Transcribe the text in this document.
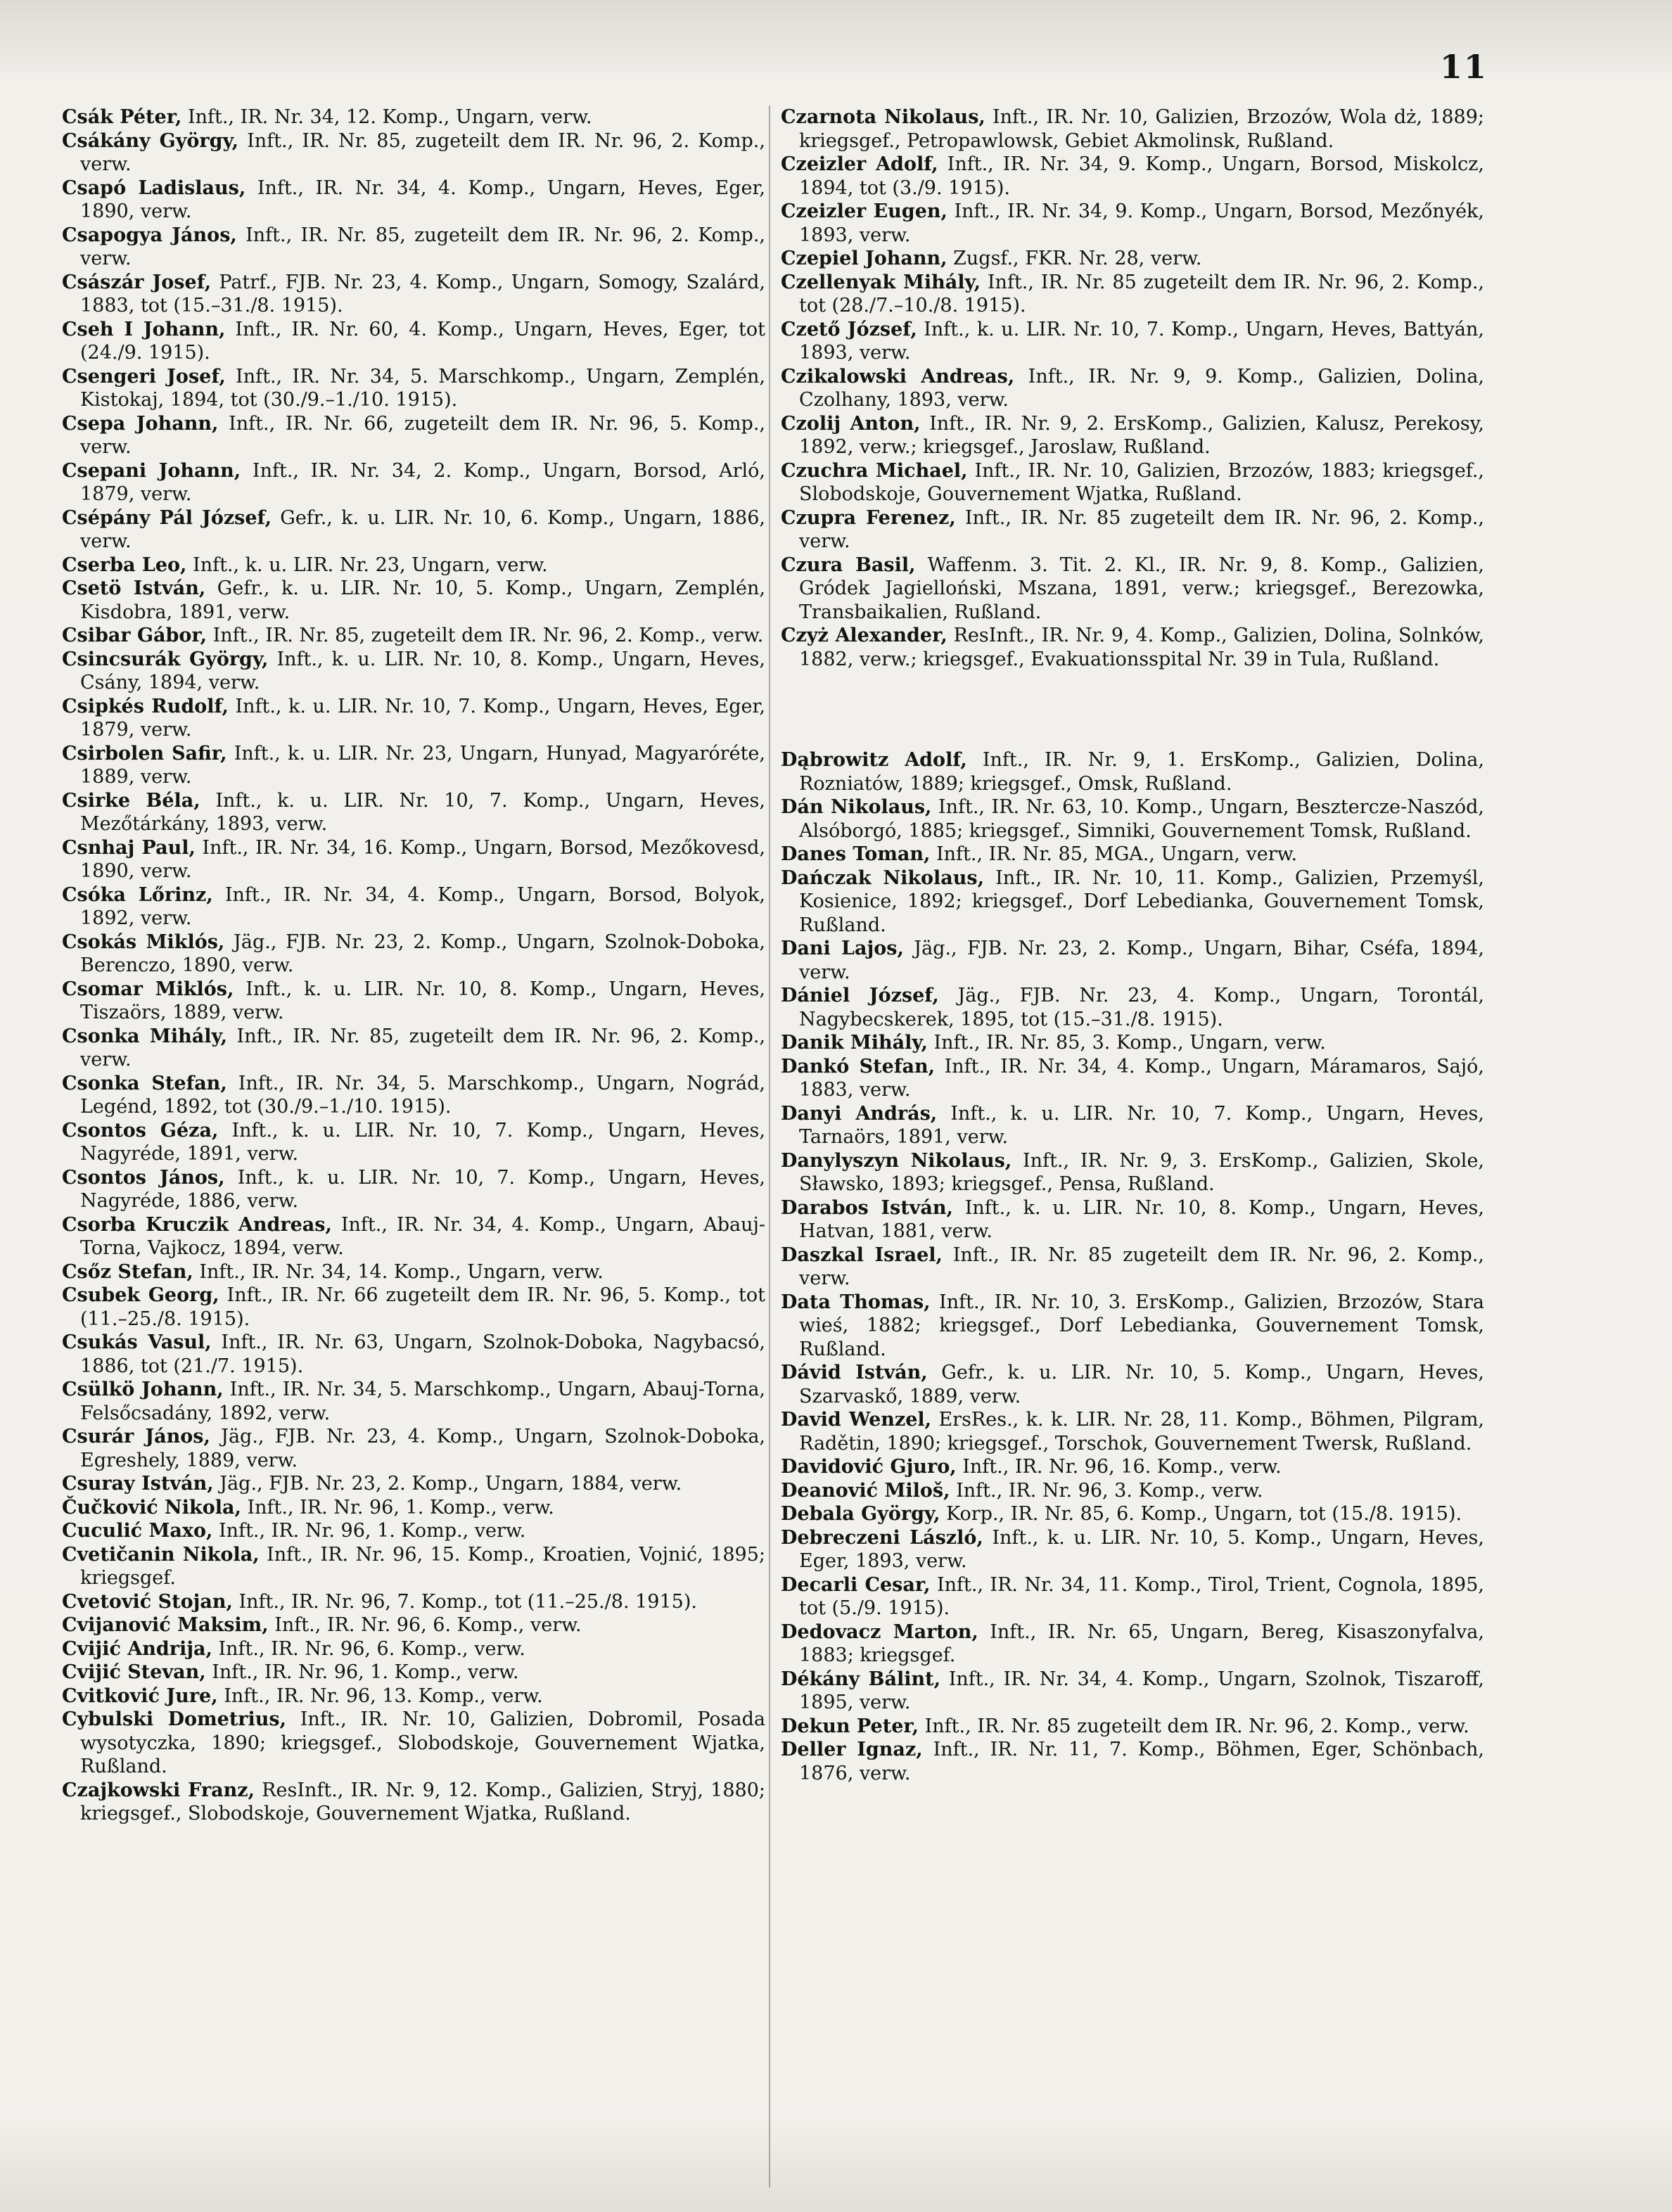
11

Csák Péter, Inft., IR. Nr. 34, 12. Komp., Ungarn, verw.

Csákány György, Inft., IR. Nr. 85, zugeteilt dem IR. Nr. 96, 2. Komp., verw.

Csapó Ladislaus, Inft., IR. Nr. 34, 4. Komp., Ungarn, Heves, Eger, 1890, verw.

Csapogya János, Inft., IR. Nr. 85, zugeteilt dem IR. Nr. 96, 2. Komp., verw.

Császár Josef, Patrf., FJB. Nr. 23, 4. Komp., Ungarn, Somogy, Szalárd, 1883, tot (15.–31./8. 1915).

Cseh I Johann, Inft., IR. Nr. 60, 4. Komp., Ungarn, Heves, Eger, tot (24./9. 1915).

Csengeri Josef, Inft., IR. Nr. 34, 5. Marschkomp., Ungarn, Zemplén, Kistokaj, 1894, tot (30./9.–1./10. 1915).

Csepa Johann, Inft., IR. Nr. 66, zugeteilt dem IR. Nr. 96, 5. Komp., verw.

Csepani Johann, Inft., IR. Nr. 34, 2. Komp., Ungarn, Borsod, Arló, 1879, verw.

Csépány Pál József, Gefr., k. u. LIR. Nr. 10, 6. Komp., Ungarn, 1886, verw.

Cserba Leo, Inft., k. u. LIR. Nr. 23, Ungarn, verw.

Csetö István, Gefr., k. u. LIR. Nr. 10, 5. Komp., Ungarn, Zemplén, Kisdobra, 1891, verw.

Csibar Gábor, Inft., IR. Nr. 85, zugeteilt dem IR. Nr. 96, 2. Komp., verw.

Csincsurák György, Inft., k. u. LIR. Nr. 10, 8. Komp., Ungarn, Heves, Csány, 1894, verw.

Csipkés Rudolf, Inft., k. u. LIR. Nr. 10, 7. Komp., Ungarn, Heves, Eger, 1879, verw.

Csirbolen Safir, Inft., k. u. LIR. Nr. 23, Ungarn, Hunyad, Magyaróréte, 1889, verw.

Csirke Béla, Inft., k. u. LIR. Nr. 10, 7. Komp., Ungarn, Heves, Mezőtárkány, 1893, verw.

Csnhaj Paul, Inft., IR. Nr. 34, 16. Komp., Ungarn, Borsod, Mezőkovesd, 1890, verw.

Csóka Lőrinz, Inft., IR. Nr. 34, 4. Komp., Ungarn, Borsod, Bolyok, 1892, verw.

Csokás Miklós, Jäg., FJB. Nr. 23, 2. Komp., Ungarn, Szolnok-Doboka, Berenczo, 1890, verw.

Csomar Miklós, Inft., k. u. LIR. Nr. 10, 8. Komp., Ungarn, Heves, Tiszaörs, 1889, verw.

Csonka Mihály, Inft., IR. Nr. 85, zugeteilt dem IR. Nr. 96, 2. Komp., verw.

Csonka Stefan, Inft., IR. Nr. 34, 5. Marschkomp., Ungarn, Nográd, Legénd, 1892, tot (30./9.–1./10. 1915).

Csontos Géza, Inft., k. u. LIR. Nr. 10, 7. Komp., Ungarn, Heves, Nagyréde, 1891, verw.

Csontos János, Inft., k. u. LIR. Nr. 10, 7. Komp., Ungarn, Heves, Nagyréde, 1886, verw.

Csorba Kruczik Andreas, Inft., IR. Nr. 34, 4. Komp., Ungarn, Abauj-Torna, Vajkocz, 1894, verw.

Csőz Stefan, Inft., IR. Nr. 34, 14. Komp., Ungarn, verw.

Csubek Georg, Inft., IR. Nr. 66 zugeteilt dem IR. Nr. 96, 5. Komp., tot (11.–25./8. 1915).

Csukás Vasul, Inft., IR. Nr. 63, Ungarn, Szolnok-Doboka, Nagybacsó, 1886, tot (21./7. 1915).

Csülkö Johann, Inft., IR. Nr. 34, 5. Marschkomp., Ungarn, Abauj-Torna, Felsőcsadány, 1892, verw.

Csurár János, Jäg., FJB. Nr. 23, 4. Komp., Ungarn, Szolnok-Doboka, Egreshely, 1889, verw.

Csuray István, Jäg., FJB. Nr. 23, 2. Komp., Ungarn, 1884, verw.

Čučković Nikola, Inft., IR. Nr. 96, 1. Komp., verw.

Cuculić Maxo, Inft., IR. Nr. 96, 1. Komp., verw.

Cvetičanin Nikola, Inft., IR. Nr. 96, 15. Komp., Kroatien, Vojnić, 1895; kriegsgef.

Cvetović Stojan, Inft., IR. Nr. 96, 7. Komp., tot (11.–25./8. 1915).

Cvijanović Maksim, Inft., IR. Nr. 96, 6. Komp., verw.

Cvijić Andrija, Inft., IR. Nr. 96, 6. Komp., verw.

Cvijić Stevan, Inft., IR. Nr. 96, 1. Komp., verw.

Cvitković Jure, Inft., IR. Nr. 96, 13. Komp., verw.

Cybulski Dometrius, Inft., IR. Nr. 10, Galizien, Dobromil, Posada wysotyczka, 1890; kriegsgef., Slobodskoje, Gouvernement Wjatka, Rußland.

Czajkowski Franz, ResInft., IR. Nr. 9, 12. Komp., Galizien, Stryj, 1880; kriegsgef., Slobodskoje, Gouvernement Wjatka, Rußland.

Czarnota Nikolaus, Inft., IR. Nr. 10, Galizien, Brzozów, Wola dż, 1889; kriegsgef., Petropawlowsk, Gebiet Akmolinsk, Rußland.

Czeizler Adolf, Inft., IR. Nr. 34, 9. Komp., Ungarn, Borsod, Miskolcz, 1894, tot (3./9. 1915).

Czeizler Eugen, Inft., IR. Nr. 34, 9. Komp., Ungarn, Borsod, Mezőnyék, 1893, verw.

Czepiel Johann, Zugsf., FKR. Nr. 28, verw.

Czellenyak Mihály, Inft., IR. Nr. 85 zugeteilt dem IR. Nr. 96, 2. Komp., tot (28./7.–10./8. 1915).

Czető József, Inft., k. u. LIR. Nr. 10, 7. Komp., Ungarn, Heves, Battyán, 1893, verw.

Czikalowski Andreas, Inft., IR. Nr. 9, 9. Komp., Galizien, Dolina, Czolhany, 1893, verw.

Czolij Anton, Inft., IR. Nr. 9, 2. ErsKomp., Galizien, Kalusz, Perekosy, 1892, verw.; kriegsgef., Jaroslaw, Rußland.

Czuchra Michael, Inft., IR. Nr. 10, Galizien, Brzozów, 1883; kriegsgef., Slobodskoje, Gouvernement Wjatka, Rußland.

Czupra Ferenez, Inft., IR. Nr. 85 zugeteilt dem IR. Nr. 96, 2. Komp., verw.

Czura Basil, Waffenm. 3. Tit. 2. Kl., IR. Nr. 9, 8. Komp., Galizien, Gródek Jagielloński, Mszana, 1891, verw.; kriegsgef., Berezowka, Transbaikalien, Rußland.

Czyż Alexander, ResInft., IR. Nr. 9, 4. Komp., Galizien, Dolina, Solnków, 1882, verw.; kriegsgef., Evakuationsspital Nr. 39 in Tula, Rußland.

Dąbrowitz Adolf, Inft., IR. Nr. 9, 1. ErsKomp., Galizien, Dolina, Rozniatów, 1889; kriegsgef., Omsk, Rußland.

Dán Nikolaus, Inft., IR. Nr. 63, 10. Komp., Ungarn, Besztercze-Naszód, Alsóborgó, 1885; kriegsgef., Simniki, Gouvernement Tomsk, Rußland.

Danes Toman, Inft., IR. Nr. 85, MGA., Ungarn, verw.

Dańczak Nikolaus, Inft., IR. Nr. 10, 11. Komp., Galizien, Przemyśl, Kosienice, 1892; kriegsgef., Dorf Lebedianka, Gouvernement Tomsk, Rußland.

Dani Lajos, Jäg., FJB. Nr. 23, 2. Komp., Ungarn, Bihar, Cséfa, 1894, verw.

Dániel József, Jäg., FJB. Nr. 23, 4. Komp., Ungarn, Torontál, Nagybecskerek, 1895, tot (15.–31./8. 1915).

Danik Mihály, Inft., IR. Nr. 85, 3. Komp., Ungarn, verw.

Dankó Stefan, Inft., IR. Nr. 34, 4. Komp., Ungarn, Máramaros, Sajó, 1883, verw.

Danyi András, Inft., k. u. LIR. Nr. 10, 7. Komp., Ungarn, Heves, Tarnaörs, 1891, verw.

Danylyszyn Nikolaus, Inft., IR. Nr. 9, 3. ErsKomp., Galizien, Skole, Sławsko, 1893; kriegsgef., Pensa, Rußland.

Darabos István, Inft., k. u. LIR. Nr. 10, 8. Komp., Ungarn, Heves, Hatvan, 1881, verw.

Daszkal Israel, Inft., IR. Nr. 85 zugeteilt dem IR. Nr. 96, 2. Komp., verw.

Data Thomas, Inft., IR. Nr. 10, 3. ErsKomp., Galizien, Brzozów, Stara wieś, 1882; kriegsgef., Dorf Lebedianka, Gouvernement Tomsk, Rußland.

Dávid István, Gefr., k. u. LIR. Nr. 10, 5. Komp., Ungarn, Heves, Szarvaskő, 1889, verw.

David Wenzel, ErsRes., k. k. LIR. Nr. 28, 11. Komp., Böhmen, Pilgram, Radětin, 1890; kriegsgef., Torschok, Gouvernement Twersk, Rußland.

Davidović Gjuro, Inft., IR. Nr. 96, 16. Komp., verw.

Deanović Miloš, Inft., IR. Nr. 96, 3. Komp., verw.

Debala György, Korp., IR. Nr. 85, 6. Komp., Ungarn, tot (15./8. 1915).

Debreczeni László, Inft., k. u. LIR. Nr. 10, 5. Komp., Ungarn, Heves, Eger, 1893, verw.

Decarli Cesar, Inft., IR. Nr. 34, 11. Komp., Tirol, Trient, Cognola, 1895, tot (5./9. 1915).

Dedovacz Marton, Inft., IR. Nr. 65, Ungarn, Bereg, Kisaszonyfalva, 1883; kriegsgef.

Dékány Bálint, Inft., IR. Nr. 34, 4. Komp., Ungarn, Szolnok, Tiszaroff, 1895, verw.

Dekun Peter, Inft., IR. Nr. 85 zugeteilt dem IR. Nr. 96, 2. Komp., verw.

Deller Ignaz, Inft., IR. Nr. 11, 7. Komp., Böhmen, Eger, Schönbach, 1876, verw.
